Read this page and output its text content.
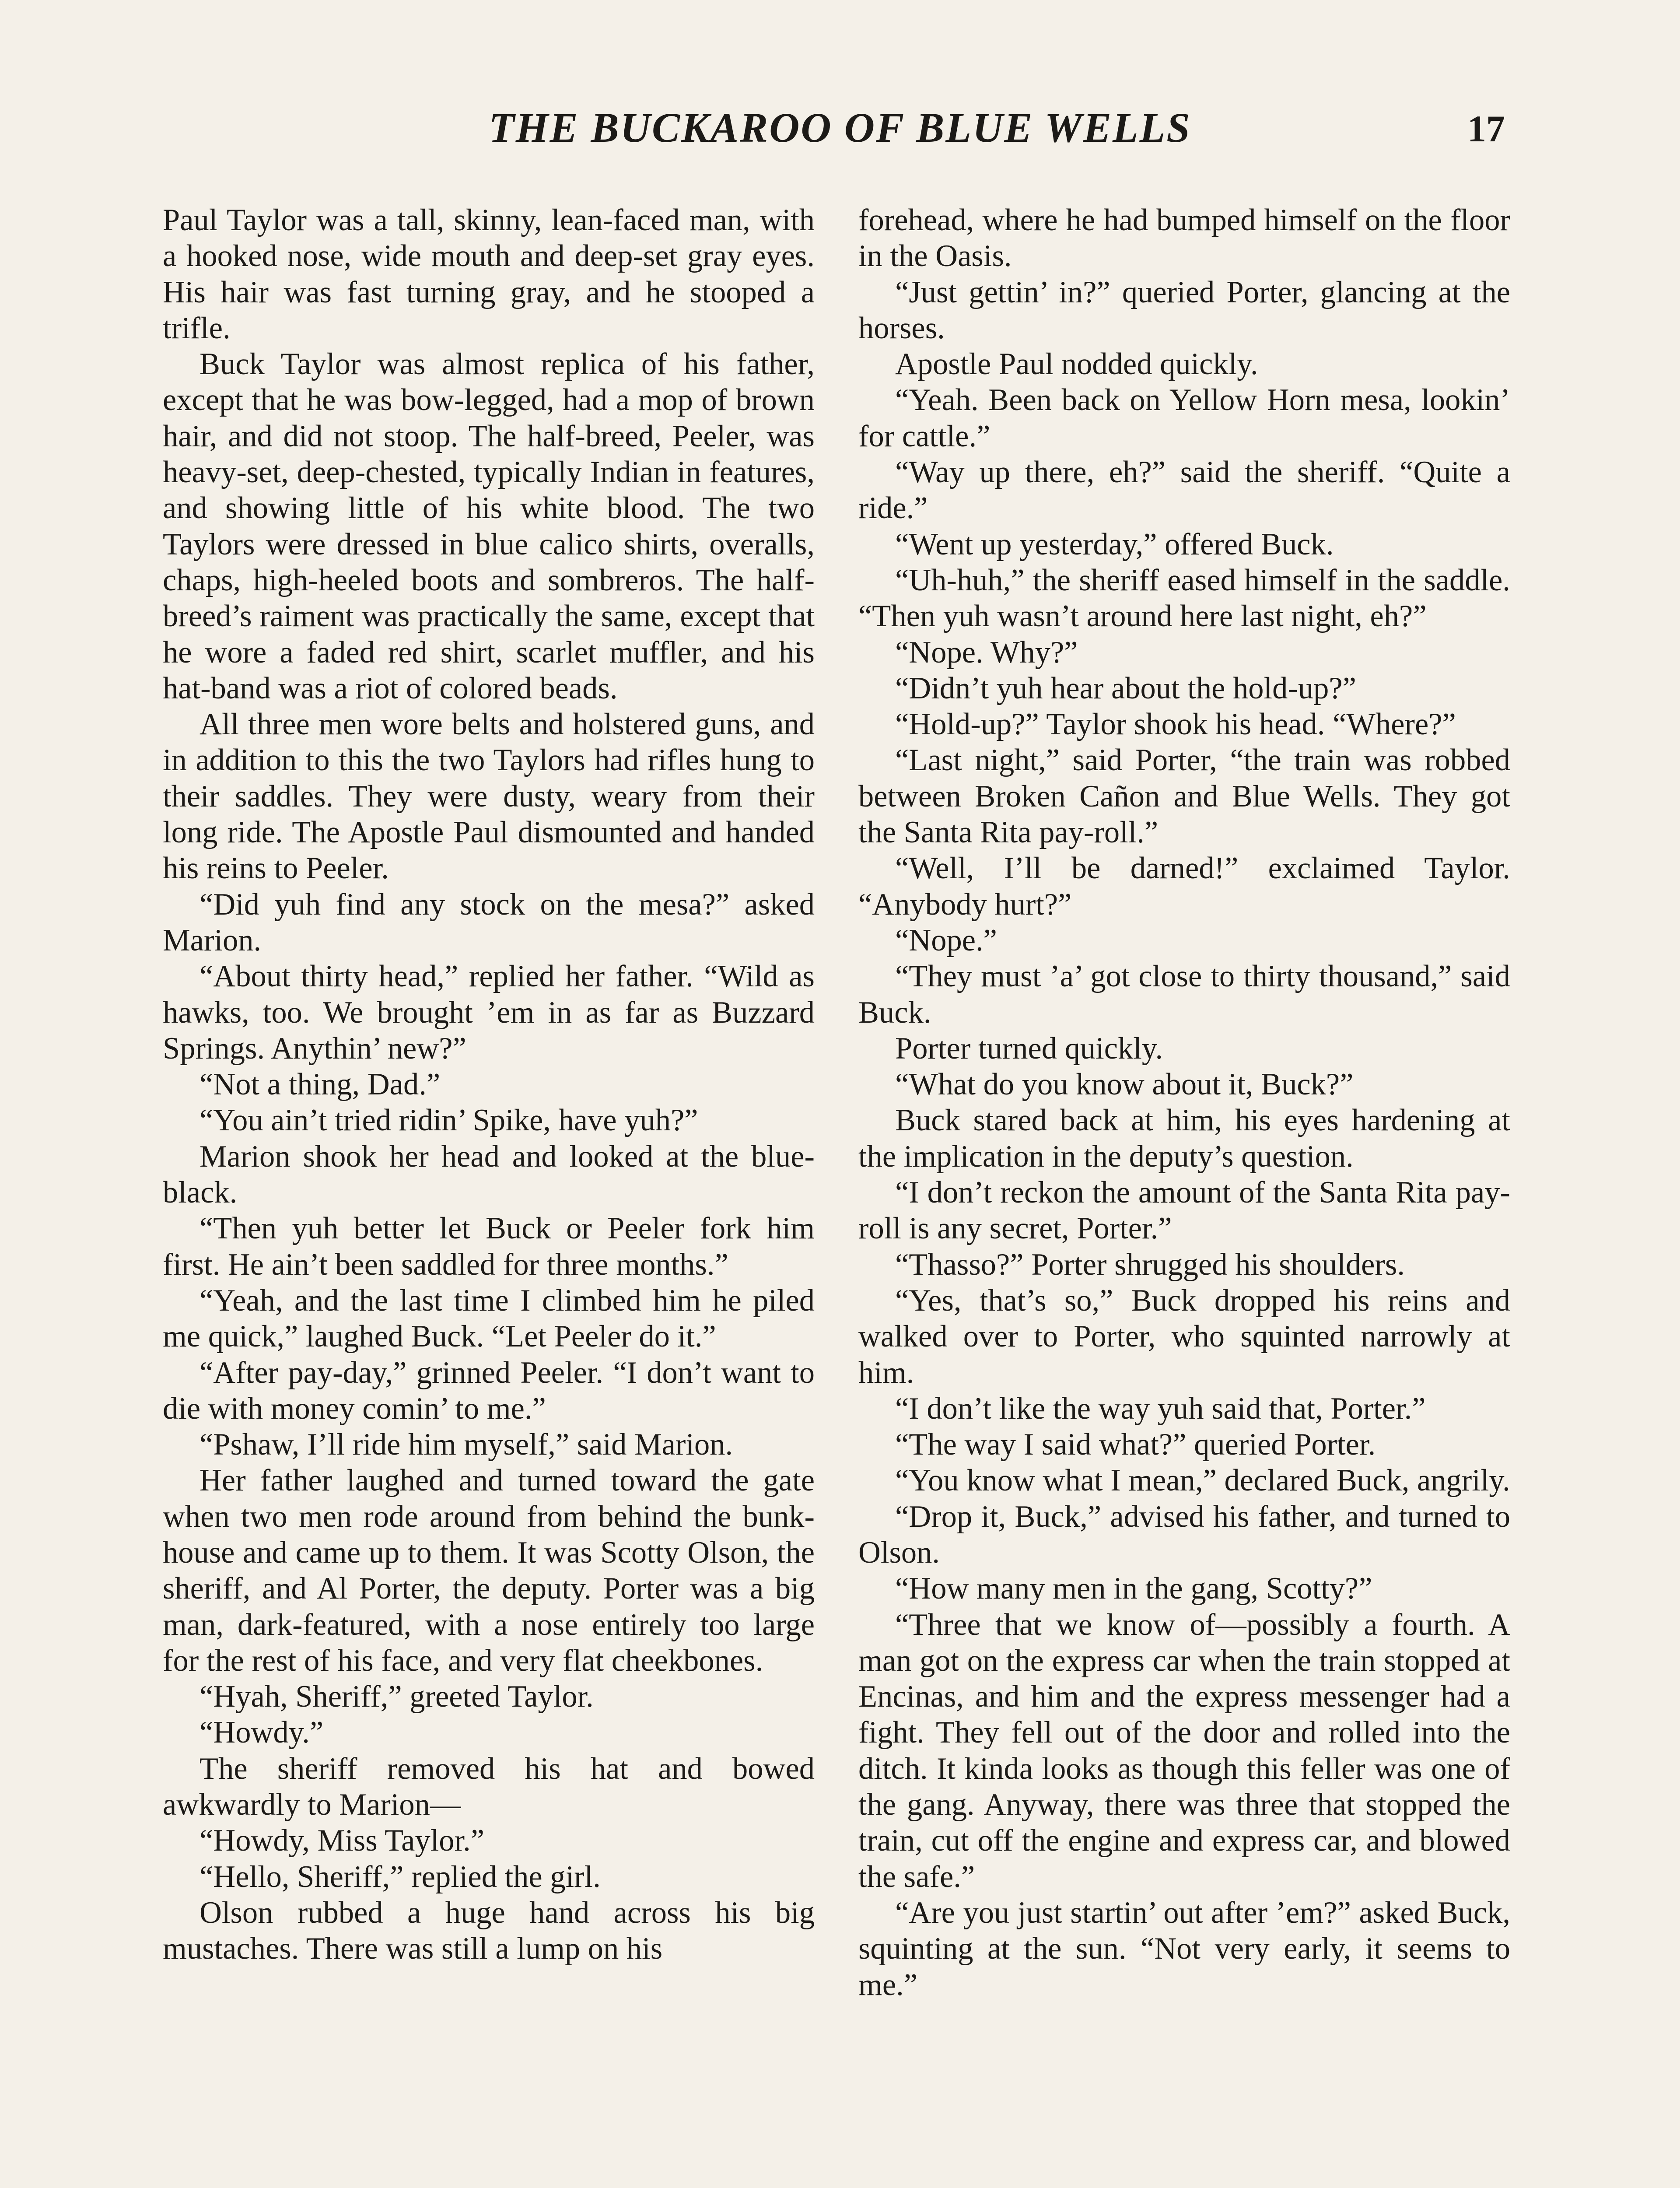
THE BUCKAROO OF BLUE WELLS	17

Paul Taylor was a tall, skinny, lean-faced man, with a hooked nose, wide mouth and deep-set gray eyes. His hair was fast turning gray, and he stooped a trifle.

Buck Taylor was almost replica of his father, except that he was bow-legged, had a mop of brown hair, and did not stoop. The half-breed, Peeler, was heavy-set, deep-chested, typically Indian in features, and showing little of his white blood. The two Taylors were dressed in blue calico shirts, overalls, chaps, high-heeled boots and sombreros. The half-breed’s raiment was practically the same, except that he wore a faded red shirt, scarlet muffler, and his hat-band was a riot of colored beads.

All three men wore belts and holstered guns, and in addition to this the two Taylors had rifles hung to their saddles. They were dusty, weary from their long ride. The Apostle Paul dismounted and handed his reins to Peeler.

“Did yuh find any stock on the mesa?” asked Marion.

“About thirty head,” replied her father. “Wild as hawks, too. We brought ’em in as far as Buzzard Springs. Anythin’ new?”

“Not a thing, Dad.”

“You ain’t tried ridin’ Spike, have yuh?”

Marion shook her head and looked at the blue-black.

“Then yuh better let Buck or Peeler fork him first. He ain’t been saddled for three months.”

“Yeah, and the last time I climbed him he piled me quick,” laughed Buck. “Let Peeler do it.”

“After pay-day,” grinned Peeler. “I don’t want to die with money comin’ to me.”

“Pshaw, I’ll ride him myself,” said Marion.

Her father laughed and turned toward the gate when two men rode around from behind the bunk-house and came up to them. It was Scotty Olson, the sheriff, and Al Porter, the deputy. Porter was a big man, dark-featured, with a nose entirely too large for the rest of his face, and very flat cheekbones.

“Hyah, Sheriff,” greeted Taylor.

“Howdy.”

The sheriff removed his hat and bowed awkwardly to Marion—

“Howdy, Miss Taylor.”

“Hello, Sheriff,” replied the girl.

Olson rubbed a huge hand across his big mustaches. There was still a lump on his

forehead, where he had bumped himself on the floor in the Oasis.

“Just gettin’ in?” queried Porter, glancing at the horses.

Apostle Paul nodded quickly.

“Yeah. Been back on Yellow Horn mesa, lookin’ for cattle.”

“Way up there, eh?” said the sheriff. “Quite a ride.”

“Went up yesterday,” offered Buck.

“Uh-huh,” the sheriff eased himself in the saddle. “Then yuh wasn’t around here last night, eh?”

“Nope. Why?”

“Didn’t yuh hear about the hold-up?”

“Hold-up?” Taylor shook his head. “Where?”

“Last night,” said Porter, “the train was robbed between Broken Cañon and Blue Wells. They got the Santa Rita pay-roll.”

“Well, I’ll be darned!” exclaimed Taylor. “Anybody hurt?”

“Nope.”

“They must ’a’ got close to thirty thousand,” said Buck.

Porter turned quickly.

“What do you know about it, Buck?”

Buck stared back at him, his eyes hardening at the implication in the deputy’s question.

“I don’t reckon the amount of the Santa Rita pay-roll is any secret, Porter.”

“Thasso?” Porter shrugged his shoulders.

“Yes, that’s so,” Buck dropped his reins and walked over to Porter, who squinted narrowly at him.

“I don’t like the way yuh said that, Porter.”

“The way I said what?” queried Porter.

“You know what I mean,” declared Buck, angrily.

“Drop it, Buck,” advised his father, and turned to Olson.

“How many men in the gang, Scotty?”

“Three that we know of—possibly a fourth. A man got on the express car when the train stopped at Encinas, and him and the express messenger had a fight. They fell out of the door and rolled into the ditch. It kinda looks as though this feller was one of the gang. Anyway, there was three that stopped the train, cut off the engine and express car, and blowed the safe.”

“Are you just startin’ out after ’em?” asked Buck, squinting at the sun. “Not very early, it seems to me.”
